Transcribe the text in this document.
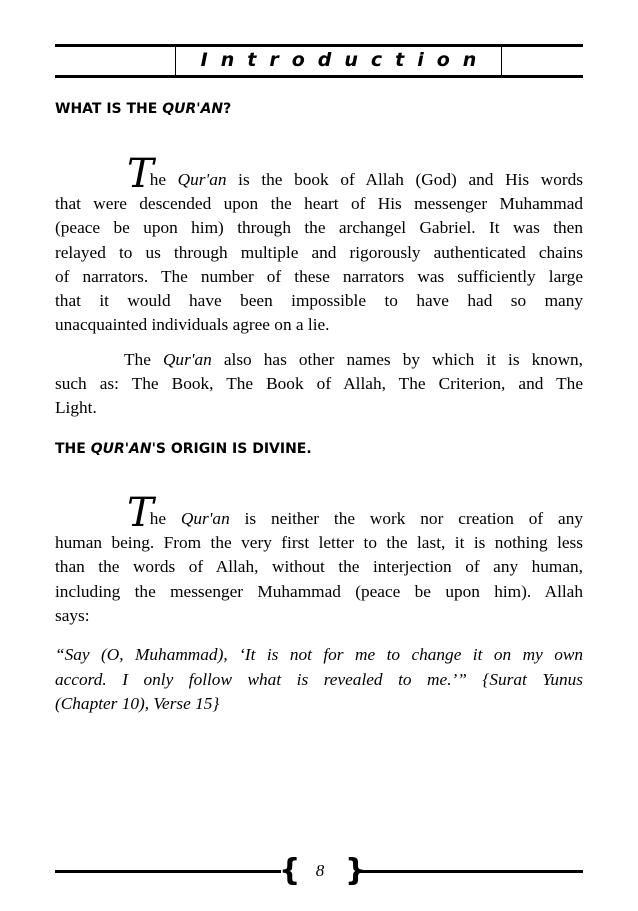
Introduction
WHAT IS THE QUR'AN?
The Qur'an is the book of Allah (God) and His words
that were descended upon the heart of His messenger Muhammad
(peace be upon him) through the archangel Gabriel. It was then
relayed to us through multiple and rigorously authenticated chains
of narrators. The number of these narrators was sufficiently large
that it would have been impossible to have had so many
unacquainted individuals agree on a lie.
The Qur'an also has other names by which it is known,
such as: The Book, The Book of Allah, The Criterion, and The
Light.
THE QUR'AN'S ORIGIN IS DIVINE.
The Qur'an is neither the work nor creation of any
human being. From the very first letter to the last, it is nothing less
than the words of Allah, without the interjection of any human,
including the messenger Muhammad (peace be upon him). Allah
says:
“Say (O, Muhammad), ‘It is not for me to change it on my own
accord. I only follow what is revealed to me.’” {Surat Yunus
(Chapter 10), Verse 15}
{ 8 }
